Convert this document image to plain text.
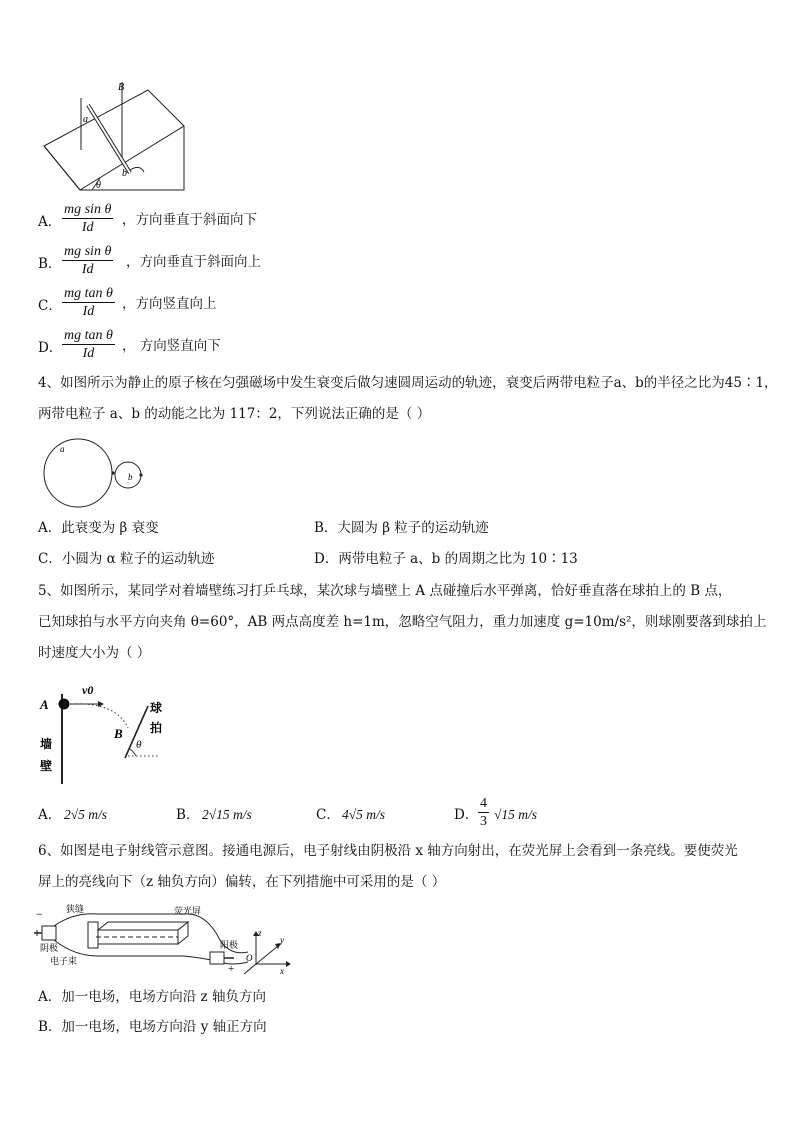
B
a
b
θ
A． $\frac{\text{mg sin θ}}{Id}$ ，方向垂直于斜面向下
B． $\frac{\text{mg sin θ}}{Id}$ ，方向垂直于斜面向上
C． $\frac{\text{mg tan θ}}{Id}$ ，方向竖直向上
D． $\frac{\text{mg tan θ}}{Id}$ ， 方向竖直向下
4、如图所示为静止的原子核在匀强磁场中发生衰变后做匀速圆周运动的轨迹，衰变后两带电粒子a、b的半径之比为45∶1，
两带电粒子 a、b 的动能之比为 117：2，下列说法正确的是（ ）
a
b
A．此衰变为 β 衰变	B．大圆为 β 粒子的运动轨迹
C．小圆为 α 粒子的运动轨迹	D．两带电粒子 a、b 的周期之比为 10∶13
5、如图所示，某同学对着墙壁练习打乒乓球，某次球与墙壁上 A 点碰撞后水平弹离，恰好垂直落在球拍上的 B 点，
已知球拍与水平方向夹角 θ=60°，AB 两点高度差 h=1m，忽略空气阻力，重力加速度 g=10m/s²，则球刚要落到球拍上
时速度大小为（ ）
A
v0
B
θ
球
拍
墙
壁
A． 2√5 m/s	B． 2√15 m/s	C． 4√5 m/s	D． $\frac{4}{3} √15$ m/s
6、如图是电子射线管示意图。接通电源后，电子射线由阴极沿 x 轴方向射出，在荧光屏上会看到一条亮线。要使荧光
屏上的亮线向下（z 轴负方向）偏转，在下列措施中可采用的是（ ）
−	狭缝	荧光屏
阴极	阳极
电子束
+
z
y
x
O
A．加一电场，电场方向沿 z 轴负方向
B．加一电场，电场方向沿 y 轴正方向
